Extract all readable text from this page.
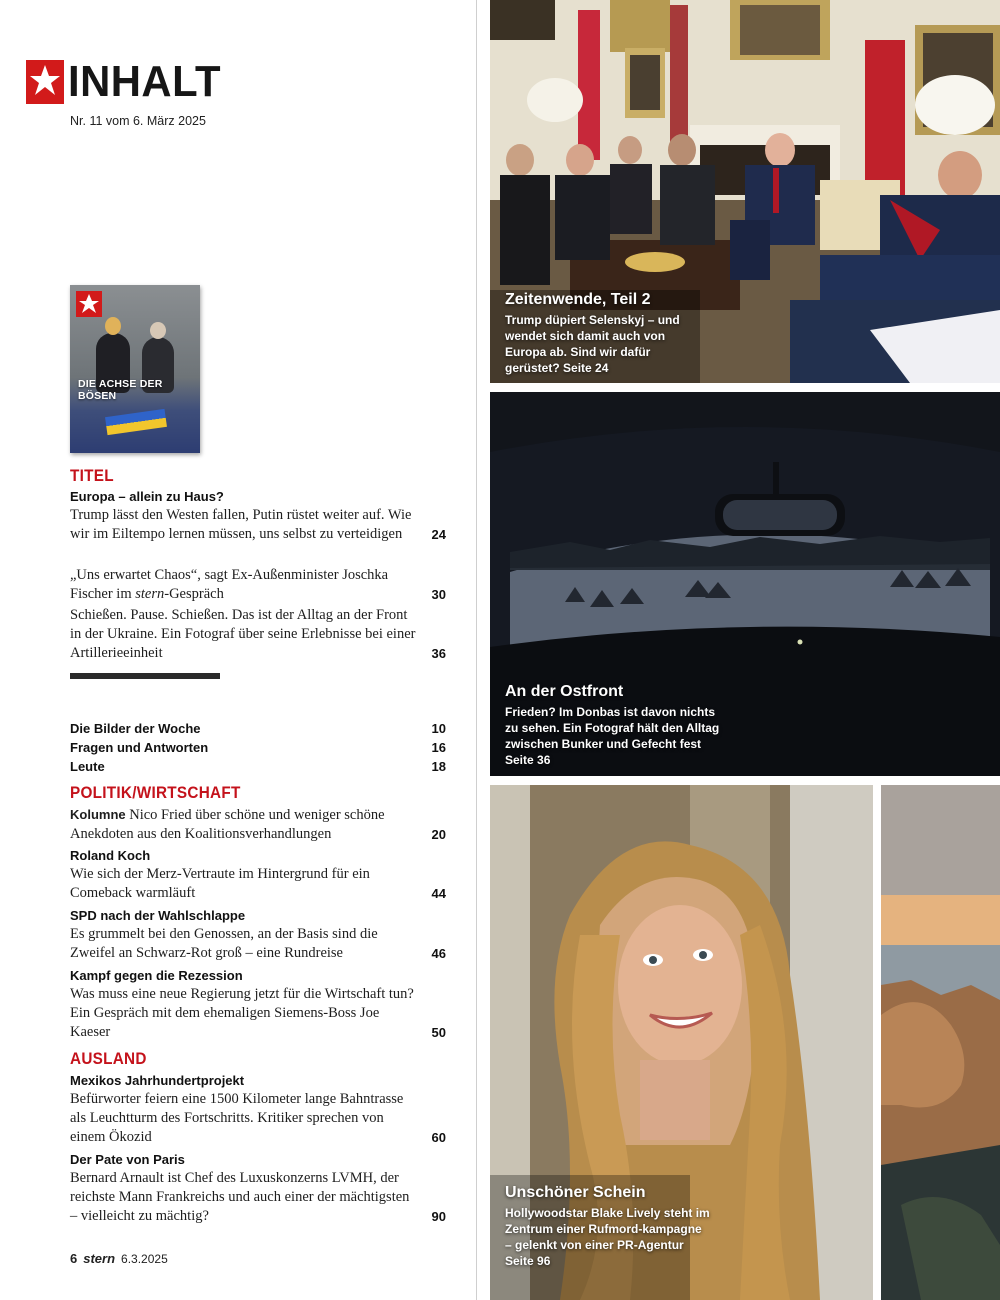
INHALT
Nr. 11 vom 6. März 2025
DIE ACHSE DER BÖSEN
TITEL
Europa – allein zu Haus?
Trump lässt den Westen fallen, Putin rüstet weiter auf. Wie wir im Eiltempo lernen müssen, uns selbst zu verteidigen	24
„Uns erwartet Chaos“, sagt Ex-Außenminister Joschka Fischer im stern-Gespräch	30
Schießen. Pause. Schießen. Das ist der Alltag an der Front in der Ukraine. Ein Fotograf über seine Erlebnisse bei einer Artillerieeinheit	36
Die Bilder der Woche	10
Fragen und Antworten	16
Leute	18
POLITIK/WIRTSCHAFT
Kolumne Nico Fried über schöne und weniger schöne Anekdoten aus den Koalitionsverhandlungen	20
Roland Koch
Wie sich der Merz-Vertraute im Hintergrund für ein Comeback warmläuft	44
SPD nach der Wahlschlappe
Es grummelt bei den Genossen, an der Basis sind die Zweifel an Schwarz-Rot groß – eine Rundreise	46
Kampf gegen die Rezession
Was muss eine neue Regierung jetzt für die Wirtschaft tun? Ein Gespräch mit dem ehemaligen Siemens-Boss Joe Kaeser	50
AUSLAND
Mexikos Jahrhundertprojekt
Befürworter feiern eine 1500 Kilometer lange Bahntrasse als Leuchtturm des Fortschritts. Kritiker sprechen von einem Ökozid	60
Der Pate von Paris
Bernard Arnault ist Chef des Luxuskonzerns LVMH, der reichste Mann Frankreichs und auch einer der mächtigsten – vielleicht zu mächtig?	90
6 stern 6.3.2025
Zeitenwende, Teil 2
Trump düpiert Selenskyj – und wendet sich damit auch von Europa ab. Sind wir dafür gerüstet? Seite 24
An der Ostfront
Frieden? Im Donbas ist davon nichts zu sehen. Ein Fotograf hält den Alltag zwischen Bunker und Gefecht fest Seite 36
Unschöner Schein
Hollywoodstar Blake Lively steht im Zentrum einer Rufmord-kampagne – gelenkt von einer PR-Agentur Seite 96
